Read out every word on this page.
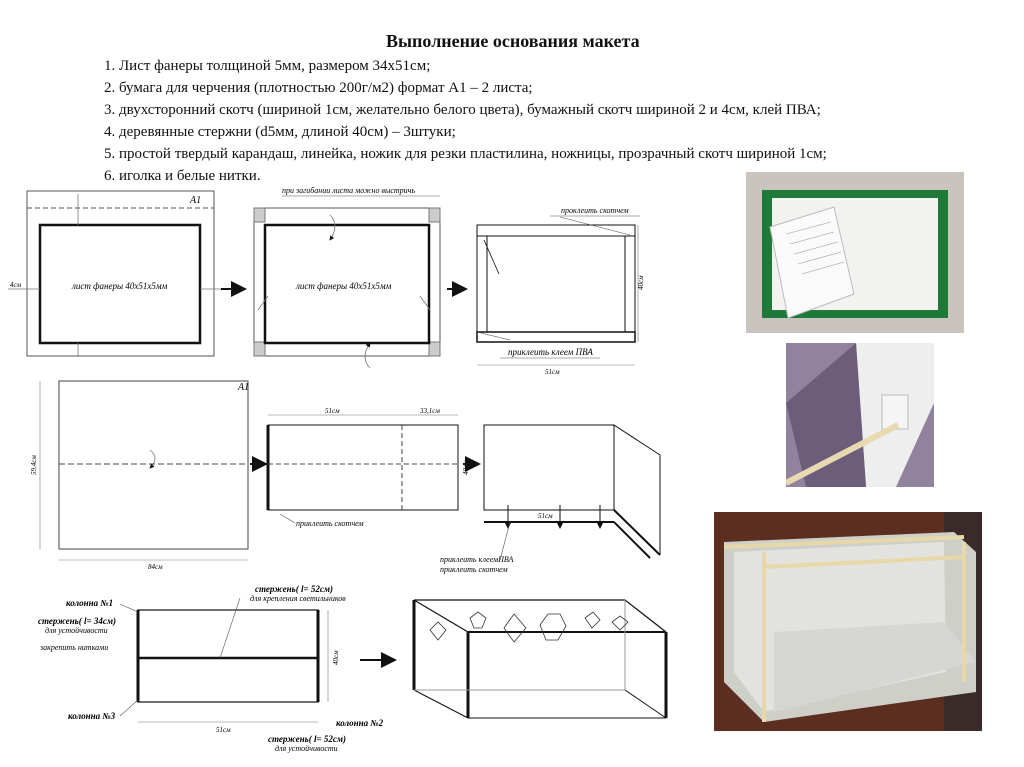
Выполнение основания макета
1. Лист фанеры толщиной 5мм, размером 34х51см;
2. бумага для черчения (плотностью 200г/м2) формат А1 – 2 листа;
3. двухсторонний скотч (шириной 1см, желательно белого цвета), бумажный скотч шириной 2 и 4см, клей ПВА;
4. деревянные стержни (d5мм, длиной 40см) – 3штуки;
5. простой твердый карандаш, линейка, ножик для резки пластилина, ножницы, прозрачный скотч шириной 1см;
6. иголка и белые нитки.
А1
лист фанеры 40х51х5мм
4см
при загибании листа можно выстричь
лист фанеры 40х51х5мм
проклеить скотчем
приклеить клеем ПВА
51см
40см
А1
84см
59,4см
51см	33,1см
40см
приклеить скотчем
51см
приклеить клеемПВА
приклеить скотчем
51см
40см
стержень( l= 52см)
для крепления светильников
колонна №1
стержень( l= 34см)
для устойчивости
закрепить нитками
колонна №3
колонна №2
стержень( l= 52см)
для устойчивости
